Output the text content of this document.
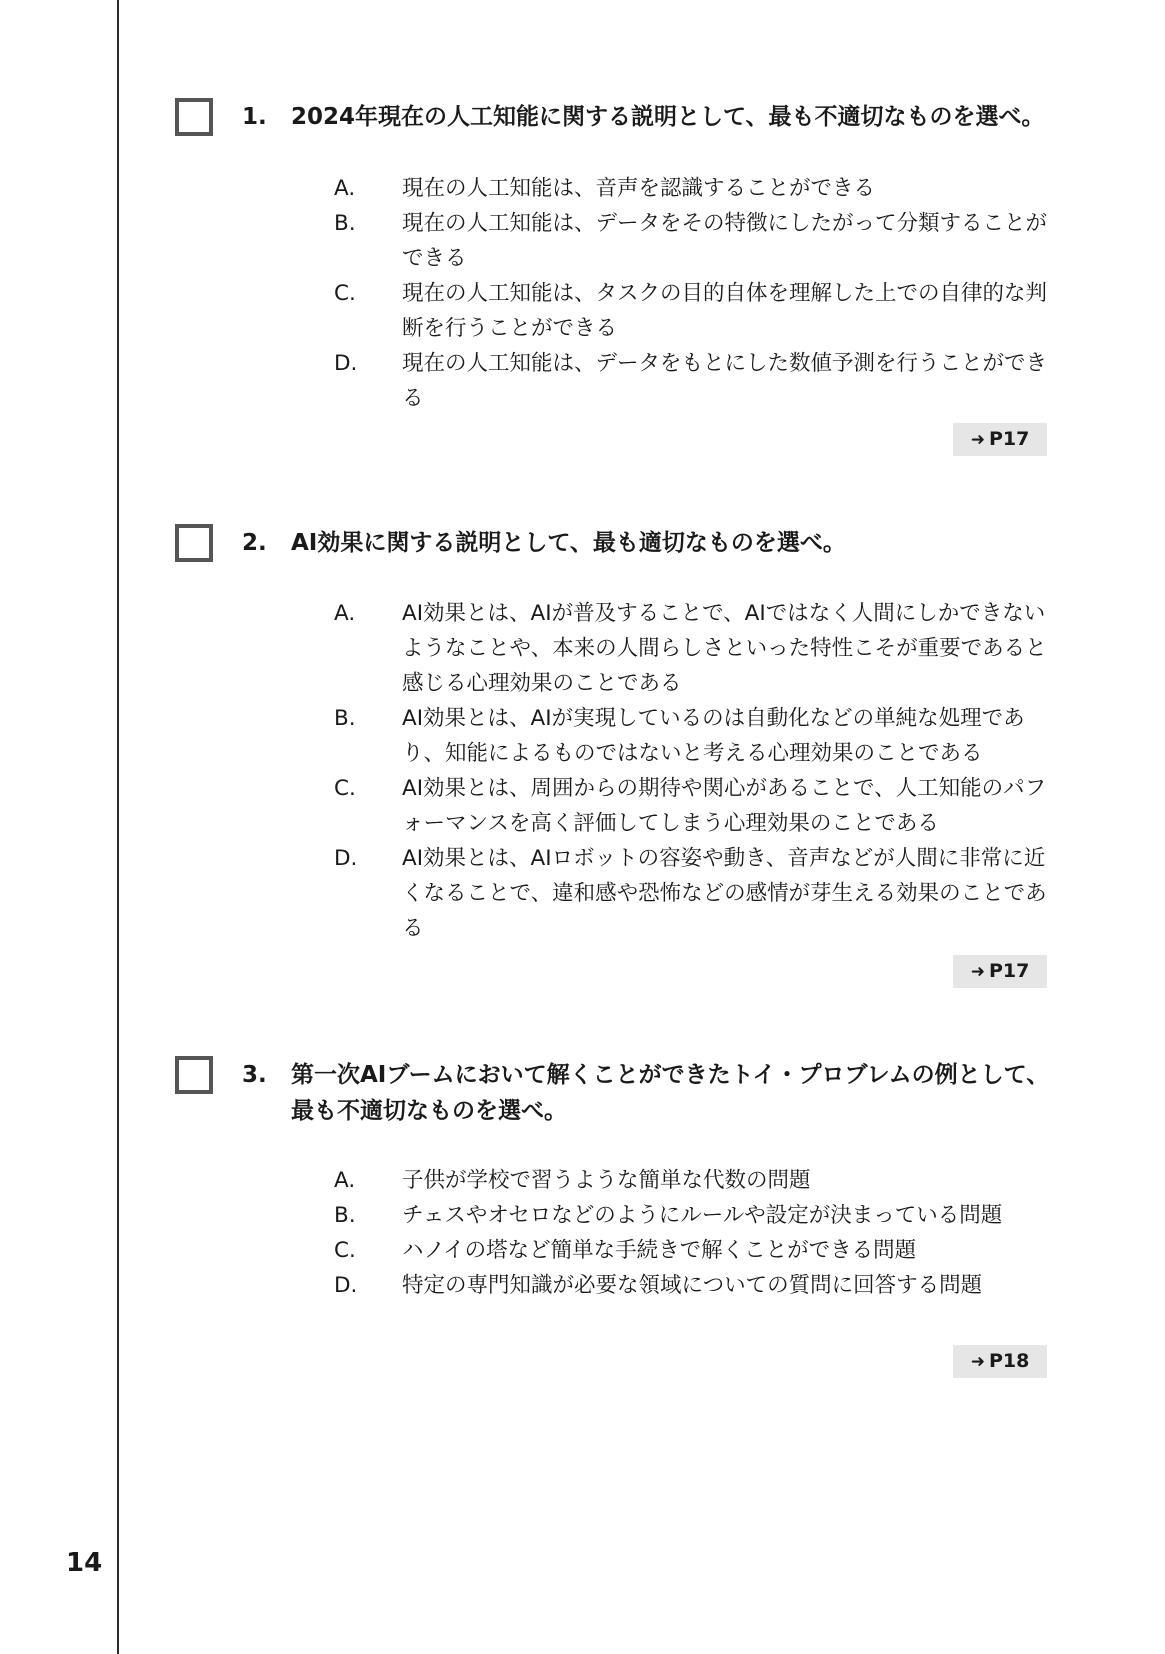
1. 2024年現在の人工知能に関する説明として、最も不適切なものを選べ。
A.	現在の人工知能は、音声を認識することができる
B.	現在の人工知能は、データをその特徴にしたがって分類することができる
C.	現在の人工知能は、タスクの目的自体を理解した上での自律的な判断を行うことができる
D.	現在の人工知能は、データをもとにした数値予測を行うことができる
➜ P17
2. AI効果に関する説明として、最も適切なものを選べ。
A.	AI効果とは、AIが普及することで、AIではなく人間にしかできないようなことや、本来の人間らしさといった特性こそが重要であると感じる心理効果のことである
B.	AI効果とは、AIが実現しているのは自動化などの単純な処理であり、知能によるものではないと考える心理効果のことである
C.	AI効果とは、周囲からの期待や関心があることで、人工知能のパフォーマンスを高く評価してしまう心理効果のことである
D.	AI効果とは、AIロボットの容姿や動き、音声などが人間に非常に近くなることで、違和感や恐怖などの感情が芽生える効果のことである
➜ P17
3. 第一次AIブームにおいて解くことができたトイ・プロブレムの例として、最も不適切なものを選べ。
A.	子供が学校で習うような簡単な代数の問題
B.	チェスやオセロなどのようにルールや設定が決まっている問題
C.	ハノイの塔など簡単な手続きで解くことができる問題
D.	特定の専門知識が必要な領域についての質問に回答する問題
➜ P18
14
